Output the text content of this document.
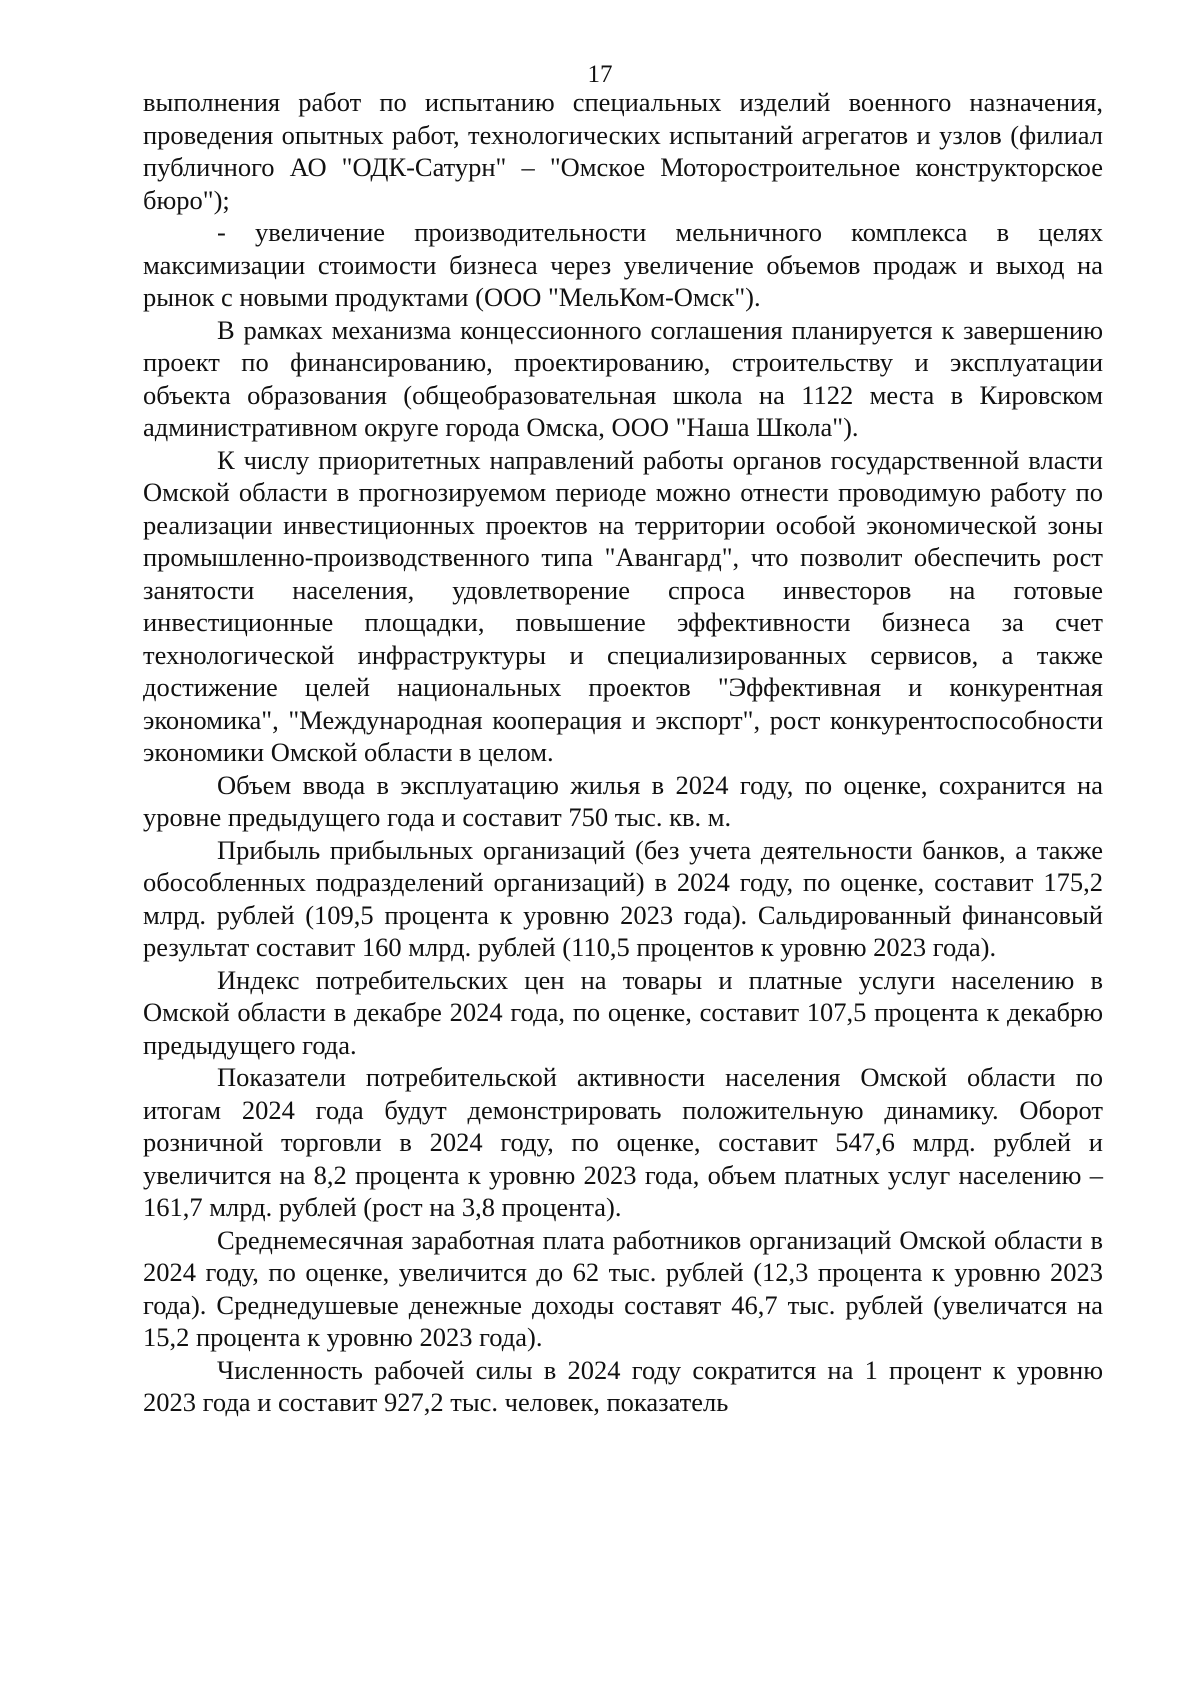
17

выполнения работ по испытанию специальных изделий военного назначения, проведения опытных работ, технологических испытаний агрегатов и узлов (филиал публичного АО "ОДК-Сатурн" – "Омское Моторостроительное конструкторское бюро");

- увеличение производительности мельничного комплекса в целях максимизации стоимости бизнеса через увеличение объемов продаж и выход на рынок с новыми продуктами (ООО "МельКом-Омск").

В рамках механизма концессионного соглашения планируется к завершению проект по финансированию, проектированию, строительству и эксплуатации объекта образования (общеобразовательная школа на 1122 места в Кировском административном округе города Омска, ООО "Наша Школа").

К числу приоритетных направлений работы органов государственной власти Омской области в прогнозируемом периоде можно отнести проводимую работу по реализации инвестиционных проектов на территории особой экономической зоны промышленно-производственного типа "Авангард", что позволит обеспечить рост занятости населения, удовлетворение спроса инвесторов на готовые инвестиционные площадки, повышение эффективности бизнеса за счет технологической инфраструктуры и специализированных сервисов, а также достижение целей национальных проектов "Эффективная и конкурентная экономика", "Международная кооперация и экспорт", рост конкурентоспособности экономики Омской области в целом.

Объем ввода в эксплуатацию жилья в 2024 году, по оценке, сохранится на уровне предыдущего года и составит 750 тыс. кв. м.

Прибыль прибыльных организаций (без учета деятельности банков, а также обособленных подразделений организаций) в 2024 году, по оценке, составит 175,2 млрд. рублей (109,5 процента к уровню 2023 года). Сальдированный финансовый результат составит 160 млрд. рублей (110,5 процентов к уровню 2023 года).

Индекс потребительских цен на товары и платные услуги населению в Омской области в декабре 2024 года, по оценке, составит 107,5 процента к декабрю предыдущего года.

Показатели потребительской активности населения Омской области по итогам 2024 года будут демонстрировать положительную динамику. Оборот розничной торговли в 2024 году, по оценке, составит 547,6 млрд. рублей и увеличится на 8,2 процента к уровню 2023 года, объем платных услуг населению – 161,7 млрд. рублей (рост на 3,8 процента).

Среднемесячная заработная плата работников организаций Омской области в 2024 году, по оценке, увеличится до 62 тыс. рублей (12,3 процента к уровню 2023 года). Среднедушевые денежные доходы составят 46,7 тыс. рублей (увеличатся на 15,2 процента к уровню 2023 года).

Численность рабочей силы в 2024 году сократится на 1 процент к уровню 2023 года и составит 927,2 тыс. человек, показатель
